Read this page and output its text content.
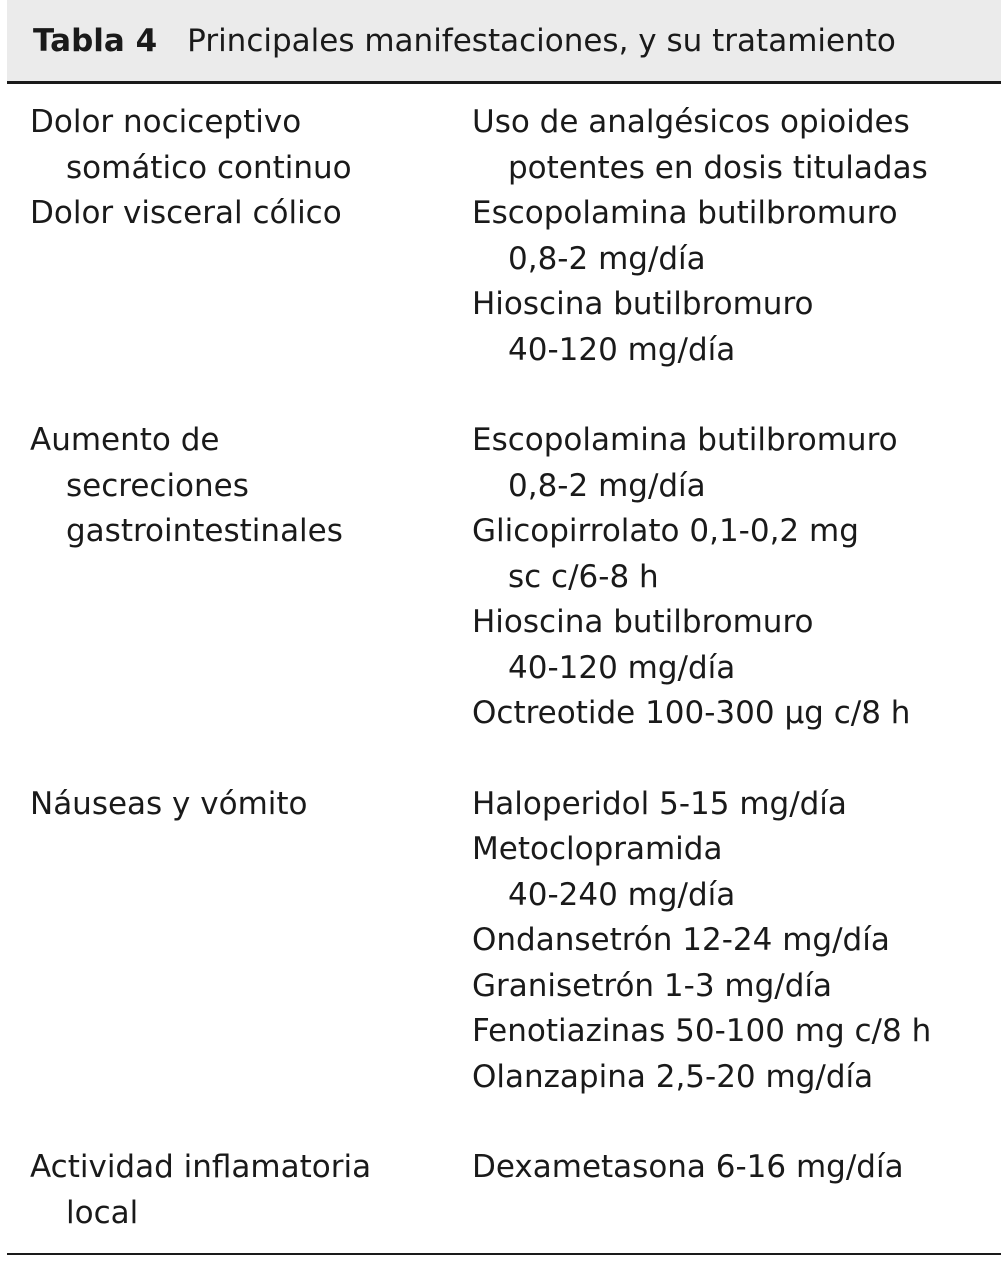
Tabla 4 Principales manifestaciones, y su tratamiento
Dolor nociceptivo
somático continuo
Uso de analgésicos opioides
potentes en dosis tituladas
Dolor visceral cólico	Escopolamina butilbromuro
0,8-2 mg/día
Hioscina butilbromuro
40-120 mg/día
Aumento de
secreciones
gastrointestinales
Escopolamina butilbromuro
0,8-2 mg/día
Glicopirrolato 0,1-0,2 mg
sc c/6-8 h
Hioscina butilbromuro
40-120 mg/día
Octreotide 100-300 μg c/8 h
Náuseas y vómito	Haloperidol 5-15 mg/día
Metoclopramida
40-240 mg/día
Ondansetrón 12-24 mg/día
Granisetrón 1-3 mg/día
Fenotiazinas 50-100 mg c/8 h
Olanzapina 2,5-20 mg/día
Actividad inflamatoria
local
Dexametasona 6-16 mg/día
